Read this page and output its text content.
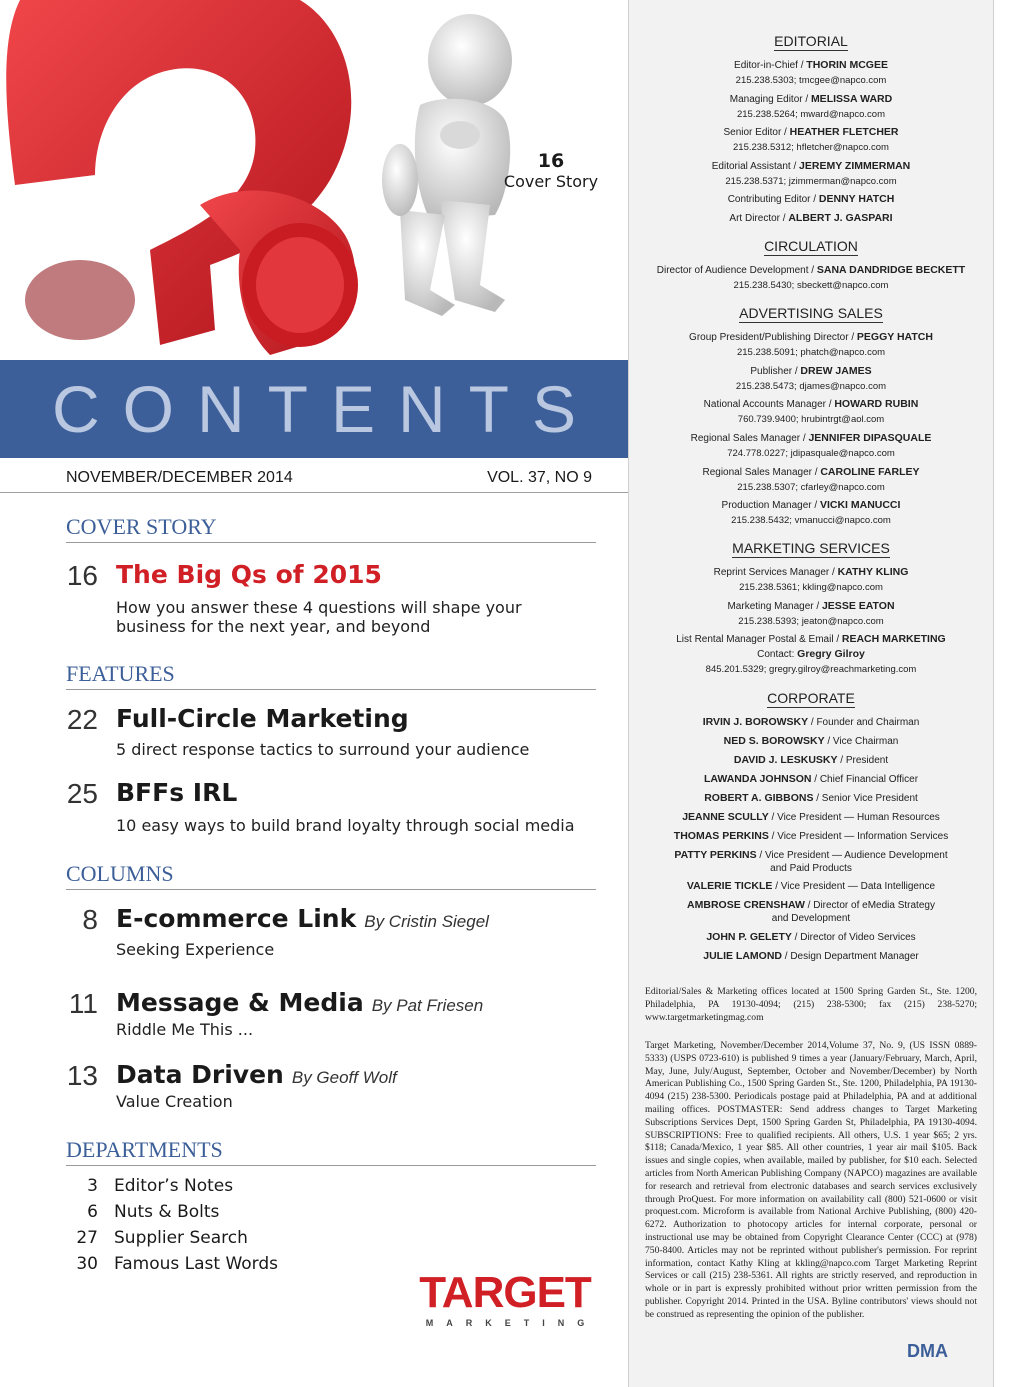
16
Cover Story
CONTENTS
NOVEMBER/DECEMBER 2014	VOL. 37, NO 9
COVER STORY
16 The Big Qs of 2015
How you answer these 4 questions will shape your business for the next year, and beyond
FEATURES
22 Full-Circle Marketing
5 direct response tactics to surround your audience
25 BFFs IRL
10 easy ways to build brand loyalty through social media
COLUMNS
8 E-commerce Link By Cristin Siegel
Seeking Experience
11 Message & Media By Pat Friesen
Riddle Me This ...
13 Data Driven By Geoff Wolf
Value Creation
DEPARTMENTS
3 Editor’s Notes
6 Nuts & Bolts
27 Supplier Search
30 Famous Last Words
TARGET
MARKETING
EDITORIAL
Editor-in-Chief / THORIN MCGEE
215.238.5303; tmcgee@napco.com
Managing Editor / MELISSA WARD
215.238.5264; mward@napco.com
Senior Editor / HEATHER FLETCHER
215.238.5312; hfletcher@napco.com
Editorial Assistant / JEREMY ZIMMERMAN
215.238.5371; jzimmerman@napco.com
Contributing Editor / DENNY HATCH
Art Director / ALBERT J. GASPARI
CIRCULATION
Director of Audience Development / SANA DANDRIDGE BECKETT
215.238.5430; sbeckett@napco.com
ADVERTISING SALES
Group President/Publishing Director / PEGGY HATCH
215.238.5091; phatch@napco.com
Publisher / DREW JAMES
215.238.5473; djames@napco.com
National Accounts Manager / HOWARD RUBIN
760.739.9400; hrubintrgt@aol.com
Regional Sales Manager / JENNIFER DIPASQUALE
724.778.0227; jdipasquale@napco.com
Regional Sales Manager / CAROLINE FARLEY
215.238.5307; cfarley@napco.com
Production Manager / VICKI MANUCCI
215.238.5432; vmanucci@napco.com
MARKETING SERVICES
Reprint Services Manager / KATHY KLING
215.238.5361; kkling@napco.com
Marketing Manager / JESSE EATON
215.238.5393; jeaton@napco.com
List Rental Manager Postal & Email / REACH MARKETING
Contact: Gregry Gilroy
845.201.5329; gregry.gilroy@reachmarketing.com
CORPORATE
IRVIN J. BOROWSKY / Founder and Chairman
NED S. BOROWSKY / Vice Chairman
DAVID J. LESKUSKY / President
LAWANDA JOHNSON / Chief Financial Officer
ROBERT A. GIBBONS / Senior Vice President
JEANNE SCULLY / Vice President — Human Resources
THOMAS PERKINS / Vice President — Information Services
PATTY PERKINS / Vice President — Audience Development
and Paid Products
VALERIE TICKLE / Vice President — Data Intelligence
AMBROSE CRENSHAW / Director of eMedia Strategy
and Development
JOHN P. GELETY / Director of Video Services
JULIE LAMOND / Design Department Manager
Editorial/Sales & Marketing offices located at 1500 Spring Garden St., Ste. 1200, Philadelphia, PA 19130-4094; (215) 238-5300; fax (215) 238-5270; www.targetmarketingmag.com
Target Marketing, November/December 2014,Volume 37, No. 9, (US ISSN 0889-5333) (USPS 0723-610) is published 9 times a year (January/February, March, April, May, June, July/August, September, October and November/December) by North American Publishing Co., 1500 Spring Garden St., Ste. 1200, Philadelphia, PA 19130-4094 (215) 238-5300. Periodicals postage paid at Philadelphia, PA and at additional mailing offices. POSTMASTER: Send address changes to Target Marketing Subscriptions Services Dept, 1500 Spring Garden St, Philadelphia, PA 19130-4094. SUBSCRIPTIONS: Free to qualified recipients. All others, U.S. 1 year $65; 2 yrs. $118; Canada/Mexico, 1 year $85. All other countries, 1 year air mail $105. Back issues and single copies, when available, mailed by publisher, for $10 each. Selected articles from North American Publishing Company (NAPCO) magazines are available for research and retrieval from electronic databases and search services exclusively through ProQuest. For more information on availability call (800) 521-0600 or visit proquest.com. Microform is available from National Archive Publishing, (800) 420-6272. Authorization to photocopy articles for internal corporate, personal or instructional use may be obtained from Copyright Clearance Center (CCC) at (978) 750-8400. Articles may not be reprinted without publisher's permission. For reprint information, contact Kathy Kling at kkling@napco.com Target Marketing Reprint Services or call (215) 238-5361. All rights are strictly reserved, and reproduction in whole or in part is expressly prohibited without prior written permission from the publisher. Copyright 2014. Printed in the USA. Byline contributors' views should not be construed as representing the opinion of the publisher.
DMA
